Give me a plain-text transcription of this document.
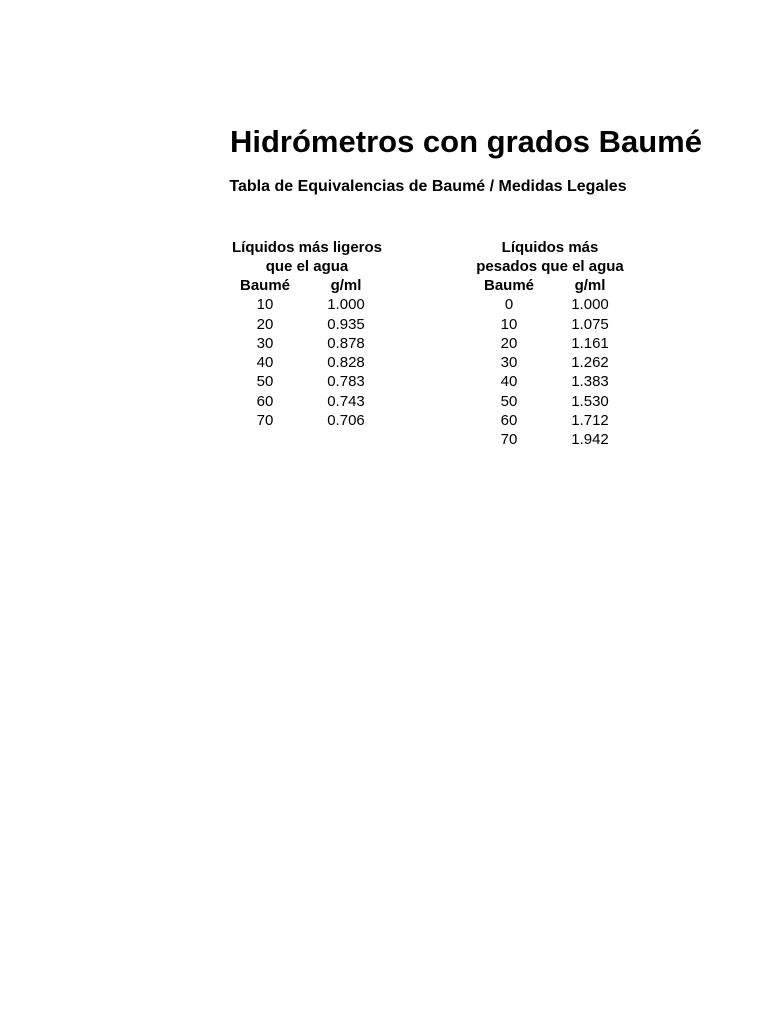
Hidrómetros con grados Baumé

Tabla de Equivalencias de Baumé / Medidas Legales

Líquidos más ligeros
que el agua
Baumé	g/ml
10	1.000
20	0.935
30	0.878
40	0.828
50	0.783
60	0.743
70	0.706
Líquidos más
pesados que el agua
Baumé	g/ml
0	1.000
10	1.075
20	1.161
30	1.262
40	1.383
50	1.530
60	1.712
70	1.942
